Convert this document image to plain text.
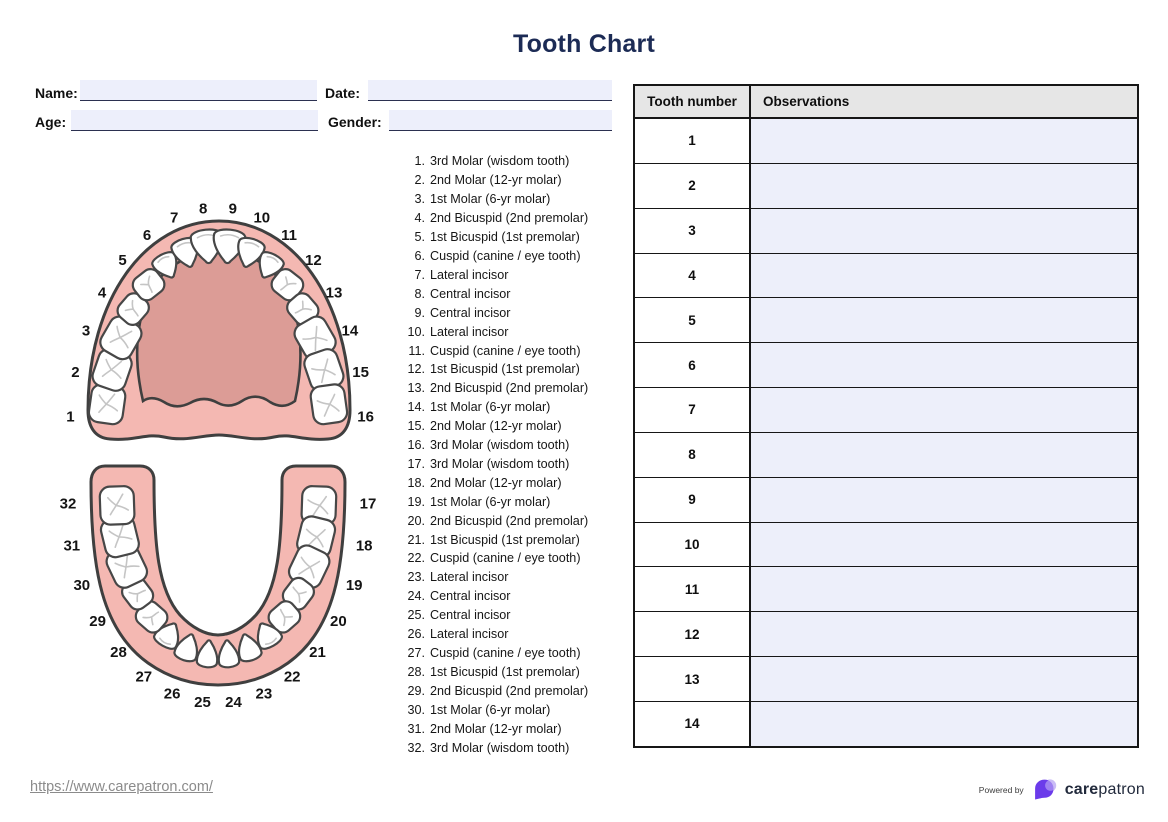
Tooth Chart
Name:	Date:
Age:	Gender:
1
2
3
4
5
6
7
8 9
10
11
12
13
14
15
16
17
18
19
20
21
22
23
24
25
26
27
28
29
30
31
32
1. 3rd Molar (wisdom tooth)
2. 2nd Molar (12-yr molar)
3. 1st Molar (6-yr molar)
4. 2nd Bicuspid (2nd premolar)
5. 1st Bicuspid (1st premolar)
6. Cuspid (canine / eye tooth)
7. Lateral incisor
8. Central incisor
9. Central incisor
10. Lateral incisor
11. Cuspid (canine / eye tooth)
12. 1st Bicuspid (1st premolar)
13. 2nd Bicuspid (2nd premolar)
14. 1st Molar (6-yr molar)
15. 2nd Molar (12-yr molar)
16. 3rd Molar (wisdom tooth)
17. 3rd Molar (wisdom tooth)
18. 2nd Molar (12-yr molar)
19. 1st Molar (6-yr molar)
20. 2nd Bicuspid (2nd premolar)
21. 1st Bicuspid (1st premolar)
22. Cuspid (canine / eye tooth)
23. Lateral incisor
24. Central incisor
25. Central incisor
26. Lateral incisor
27. Cuspid (canine / eye tooth)
28. 1st Bicuspid (1st premolar)
29. 2nd Bicuspid (2nd premolar)
30. 1st Molar (6-yr molar)
31. 2nd Molar (12-yr molar)
32. 3rd Molar (wisdom tooth)
Tooth number	Observations
1
2
3
4
5
6
7
8
9
10
11
12
13
14
https://www.carepatron.com/	Powered by	carepatron
